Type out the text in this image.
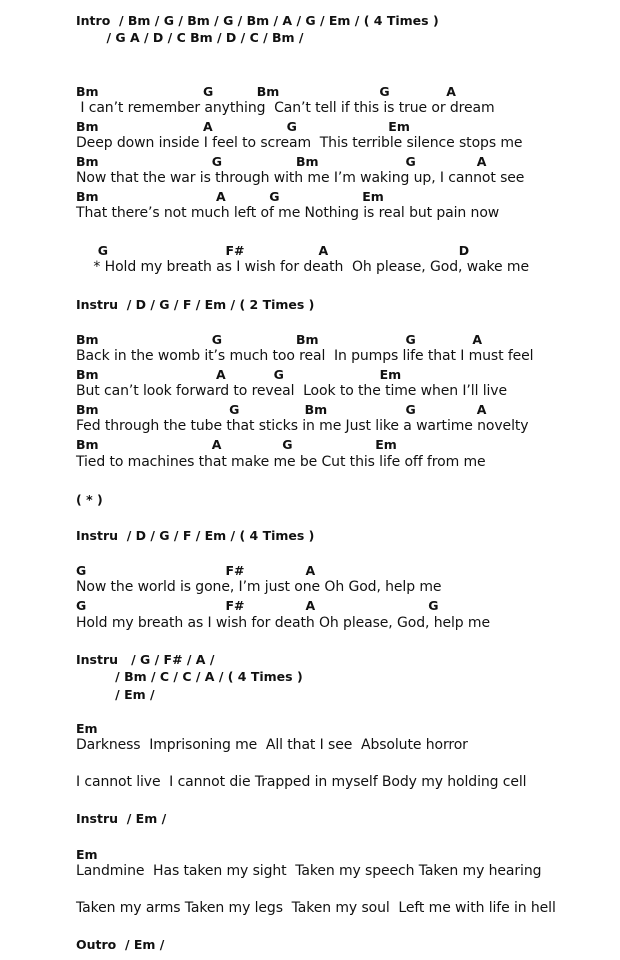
Intro  / Bm / G / Bm / G / Bm / A / G / Em / ( 4 Times )
/ G A / D / C Bm / D / C / Bm /
Bm                        G          Bm                       G             A
I can’t remember anything  Can’t tell if this is true or dream
Bm                        A                 G                     Em
Deep down inside I feel to scream  This terrible silence stops me
Bm                          G                 Bm                    G              A
Now that the war is through with me I’m waking up, I cannot see
Bm                           A          G                   Em
That there’s not much left of me Nothing is real but pain now
G                           F#                 A                              D
* Hold my breath as I wish for death  Oh please, God, wake me
Instru  / D / G / F / Em / ( 2 Times )
Bm                          G                 Bm                    G             A
Back in the womb it’s much too real  In pumps life that I must feel
Bm                           A           G                      Em
But can’t look forward to reveal  Look to the time when I’ll live
Bm                              G               Bm                  G              A
Fed through the tube that sticks in me Just like a wartime novelty
Bm                          A              G                   Em
Tied to machines that make me be Cut this life off from me
( * )
Instru  / D / G / F / Em / ( 4 Times )
G                                F#              A
Now the world is gone, I’m just one Oh God, help me
G                                F#              A                          G
Hold my breath as I wish for death Oh please, God, help me
Instru   / G / F# / A /
/ Bm / C / C / A / ( 4 Times )
/ Em /
Em
Darkness  Imprisoning me  All that I see  Absolute horror
I cannot live  I cannot die Trapped in myself Body my holding cell
Instru  / Em /
Em
Landmine  Has taken my sight  Taken my speech Taken my hearing
Taken my arms Taken my legs  Taken my soul  Left me with life in hell
Outro  / Em /
